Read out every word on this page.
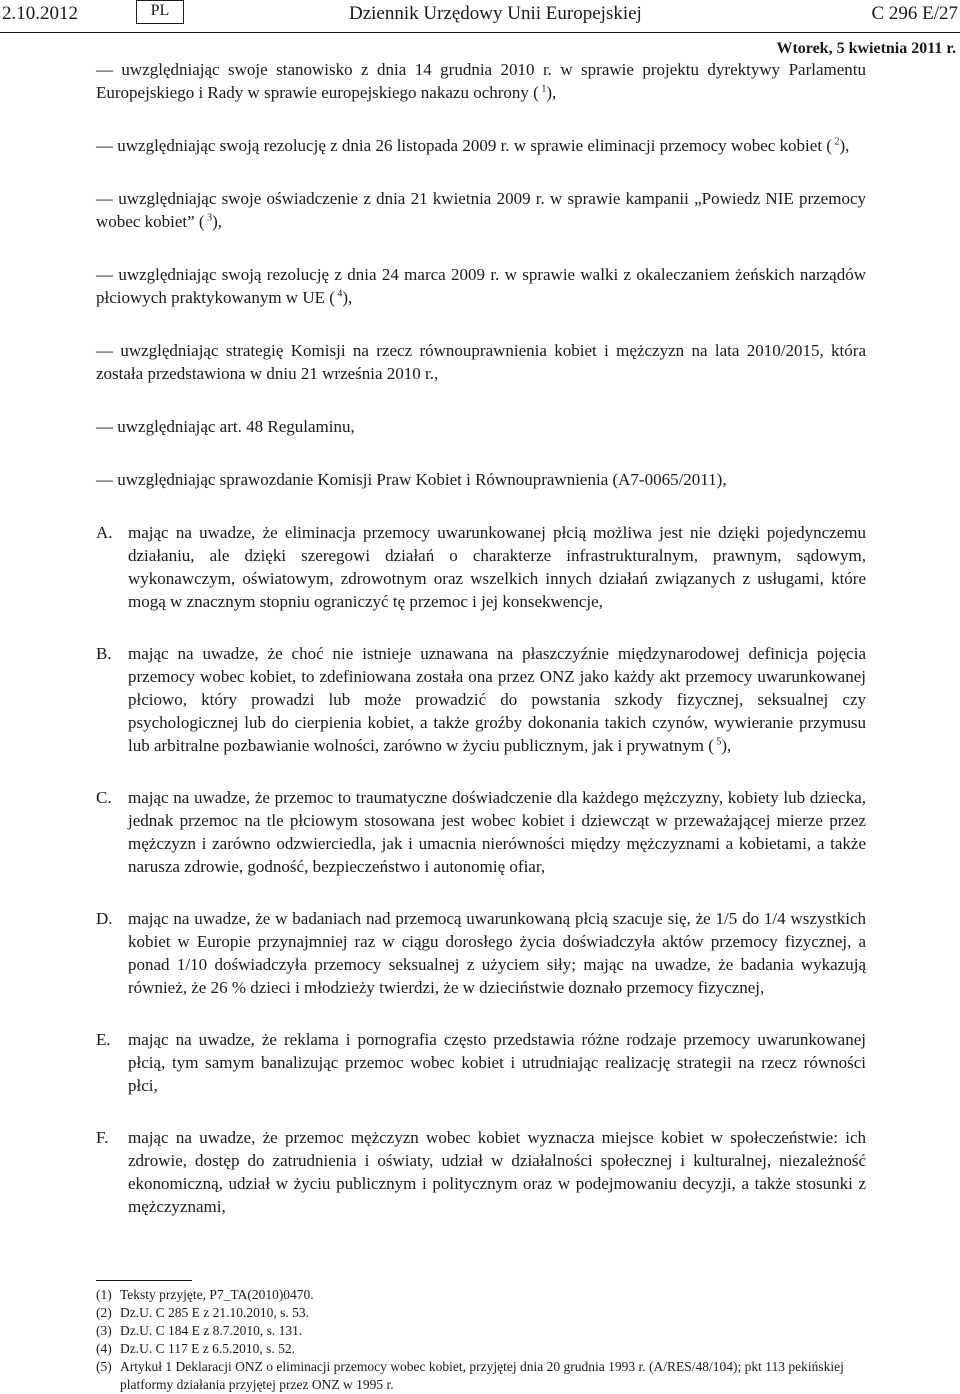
2.10.2012	PL	Dziennik Urzędowy Unii Europejskiej	C 296 E/27
Wtorek, 5 kwietnia 2011 r.

— uwzględniając swoje stanowisko z dnia 14 grudnia 2010 r. w sprawie projektu dyrektywy Parlamentu Europejskiego i Rady w sprawie europejskiego nakazu ochrony ( $^1$),

— uwzględniając swoją rezolucję z dnia 26 listopada 2009 r. w sprawie eliminacji przemocy wobec kobiet ( $^2$),

— uwzględniając swoje oświadczenie z dnia 21 kwietnia 2009 r. w sprawie kampanii „Powiedz NIE przemocy wobec kobiet” ( $^3$),

— uwzględniając swoją rezolucję z dnia 24 marca 2009 r. w sprawie walki z okaleczaniem żeńskich narządów płciowych praktykowanym w UE ( $^4$),

— uwzględniając strategię Komisji na rzecz równouprawnienia kobiet i mężczyzn na lata 2010/2015, która została przedstawiona w dniu 21 września 2010 r.,

— uwzględniając art. 48 Regulaminu,

— uwzględniając sprawozdanie Komisji Praw Kobiet i Równouprawnienia (A7-0065/2011),

A. mając na uwadze, że eliminacja przemocy uwarunkowanej płcią możliwa jest nie dzięki pojedynczemu działaniu, ale dzięki szeregowi działań o charakterze infrastrukturalnym, prawnym, sądowym, wykonawczym, oświatowym, zdrowotnym oraz wszelkich innych działań związanych z usługami, które mogą w znacznym stopniu ograniczyć tę przemoc i jej konsekwencje,

B. mając na uwadze, że choć nie istnieje uznawana na płaszczyźnie międzynarodowej definicja pojęcia przemocy wobec kobiet, to zdefiniowana została ona przez ONZ jako każdy akt przemocy uwarunkowanej płciowo, który prowadzi lub może prowadzić do powstania szkody fizycznej, seksualnej czy psychologicznej lub do cierpienia kobiet, a także groźby dokonania takich czynów, wywieranie przymusu lub arbitralne pozbawianie wolności, zarówno w życiu publicznym, jak i prywatnym ( $^5$),

C. mając na uwadze, że przemoc to traumatyczne doświadczenie dla każdego mężczyzny, kobiety lub dziecka, jednak przemoc na tle płciowym stosowana jest wobec kobiet i dziewcząt w przeważającej mierze przez mężczyzn i zarówno odzwierciedla, jak i umacnia nierówności między mężczyznami a kobietami, a także narusza zdrowie, godność, bezpieczeństwo i autonomię ofiar,

D. mając na uwadze, że w badaniach nad przemocą uwarunkowaną płcią szacuje się, że 1/5 do 1/4 wszystkich kobiet w Europie przynajmniej raz w ciągu dorosłego życia doświadczyła aktów przemocy fizycznej, a ponad 1/10 doświadczyła przemocy seksualnej z użyciem siły; mając na uwadze, że badania wykazują również, że 26 % dzieci i młodzieży twierdzi, że w dzieciństwie doznało przemocy fizycznej,

E. mając na uwadze, że reklama i pornografia często przedstawia różne rodzaje przemocy uwarunkowanej płcią, tym samym banalizując przemoc wobec kobiet i utrudniając realizację strategii na rzecz równości płci,

F. mając na uwadze, że przemoc mężczyzn wobec kobiet wyznacza miejsce kobiet w społeczeństwie: ich zdrowie, dostęp do zatrudnienia i oświaty, udział w działalności społecznej i kulturalnej, niezależność ekonomiczną, udział w życiu publicznym i politycznym oraz w podejmowaniu decyzji, a także stosunki z mężczyznami,

(1) Teksty przyjęte, P7_TA(2010)0470.
(2) Dz.U. C 285 E z 21.10.2010, s. 53.
(3) Dz.U. C 184 E z 8.7.2010, s. 131.
(4) Dz.U. C 117 E z 6.5.2010, s. 52.
(5) Artykuł 1 Deklaracji ONZ o eliminacji przemocy wobec kobiet, przyjętej dnia 20 grudnia 1993 r. (A/RES/48/104); pkt 113 pekińskiej platformy działania przyjętej przez ONZ w 1995 r.
